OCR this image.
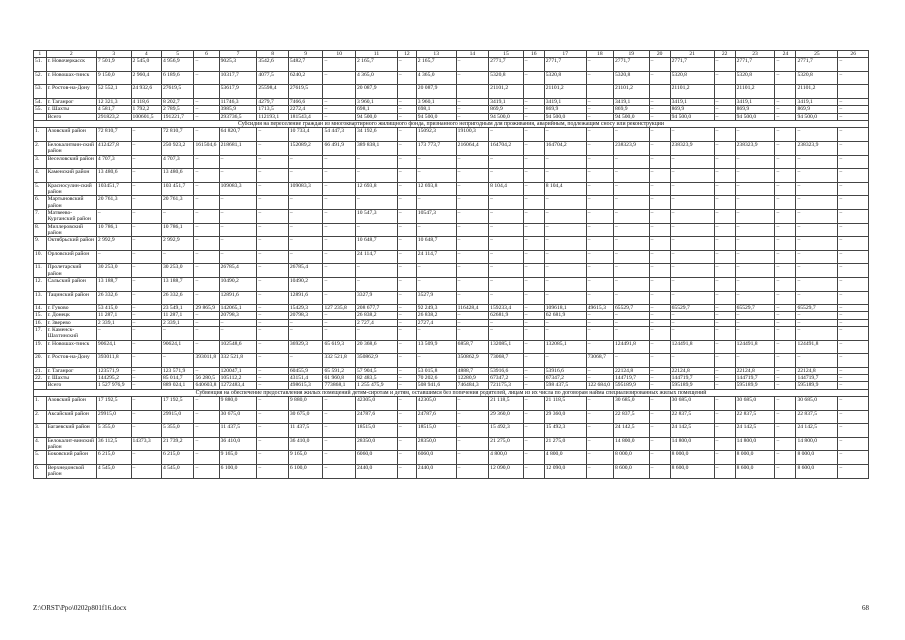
1	2	3	4	5	6	7	8	9	10	11	12	13	14	15	16	17	18	19	20	21	22	23	24	25	26
51.	г. Новочеркасск	7 501,9	2 545,0	4 956,9	–	9025,3	3542,6	5482,7	–	2 165,7	–	2 165,7	–	2771,7	–	2771,7	–	2771,7	–	2771,7	–	2771,7	–	2771,7	–
52.	г. Новошах-тинск	9 150,0	2 960,4	6 189,6	–	10317,7	4077,5	6240,2	–	4 365,0	–	4 365,0	–	5320,8	–	5320,8	–	5320,8	–	5320,8	–	5320,8	–	5320,8	–
53.	г. Ростов-на-Дону	52 552,1	24 932,6	27619,5		53617,9	25598,4	27619,5		20 087,9		20 087,9		21101,2		21101,2		21101,2		21101,2		21101,2		21101,2	
54.	г. Таганрог	12 321,3	4 118,6	8 202,7	–	11746,3	4279,7	7466,6	–	3 960,1	–	3 960,1	–	3419,1	–	3419,1	–	3419,1	–	3419,1	–	3419,1	–	3419,1	–
55.	г. Шахты	4 581,7	1 792,2	2 789,5	–	3985,9	1713,5	2272,4	–	698,1	–	698,1	–	869,9	–	869,9	–	869,9	–	869,9	–	869,9	–	869,9	–
	Всего	291823,2	100601,5	191221,7	–	293736,5	112193,1	181543,4	–	94 500,0	–	94 500,0	–	94 500,0	–	94 500,0	–	94 500,0	–	94 500,0	–	94 500,0	–	94 500,0	–
Субсидия на переселение граждан из многоквартирного жилищного фонда, признанного непригодным для проживания, аварийным, подлежащим сносу или реконструкции																									
1.	Азовский район	72 810,7	–	72 810,7	–	64 820,7	–	10 733,4	54 447,3	34 192,6	–	15092,3	19100,3	–	–	–	–	–	–	–	–	–	–	–	–
2.	Белокалитвин-ский район	412427,8	–	250 923,2	161504,6	218681,1	–	152089,2	66 491,9	389 838,1	–	173 773,7	216064,4	164704,2	–	164704,2	–	238323,9	–	238323,9	–	238323,9	–	238323,9	–
3.	Веселовский район	4 707,3	–	4 707,3	–	–	–	–	–	–	–	–	–	–	–	–	–	–	–	–	–	–	–	–	–
4.	Каменский район	13 480,6	–	13 480,6	–	–	–	–	–	–	–	–	–	–	–	–	–	–	–	–	–	–	–	–	–
5.	Красносулин-ский район	103451,7	–	103 451,7	–	109083,3	–	109083,3	–	12 693,8	–	12 693,8	–	8 104,4	–	8 104,4	–	–	–	–	–	–	–	–	–
6.	Мартыновский район	20 761,3	–	20 761,3	–	–	–	–	–	–	–	–	–	–	–	–	–	–	–	–	–	–	–	–	–
7.	Матвеево-Курганский район	–	–	–	–	–	–	–	–	10 547,3	–	10547,3	–	–	–	–	–	–	–	–	–	–	–	–	–
8.	Миллеровский район	10 786,1	–	10 786,1	–	–	–	–	–	–	–	–	–	–	–	–	–	–	–	–	–	–	–	–	–
9.	Октябрьский район	2 992,9	–	2 992,9	–	–	–	–	–	10 648,7	–	10 648,7	–	–	–	–	–	–	–	–	–	–	–	–	–
10.	Орловский район	–	–	–	–	–	–	–	–	24 114,7	–	24 114,7	–	–	–	–	–	–	–	–	–	–	–	–	–
11.	Пролетарский район	30 253,0	–	30 253,0	–	26785,4	–	26785,4	–	–	–	–	–	–	–	–	–	–	–	–	–	–	–	–	–
12.	Сальский район	13 188,7	–	13 188,7	–	10490,2	–	10490,2	–	–	–	–	–	–	–	–	–	–	–	–	–	–	–	–	–
13.	Тацинский район	26 332,6	–	26 332,6	–	12891,6	–	12891,6	–	3327,9	–	3527,9	–	–	–	–	–	–	–	–	–	–	–	–	–
14.	г. Гуково	53 415,0	–	23 549,1	29 865,9	142065,1	–	15429,3	127 235,8	208 677,7	–	92 249,3	116428,4	159233,4	–	109618,1	49615,3	65529,7	–	65529,7	–	65529,7	–	65529,7	–
15.	г. Донецк	11 287,1	–	11 287,1	–	20798,3	–	20798,3	–	26 838,2	–	26 838,2	–	62681,9	–	62 681,9	–	–	–	–	–	–	–	–	–
16.	г. Зверево	2 339,1	–	2 339,1	–	–	–	–	–	2 727,4	–	2727,4	–	–	–	–	–	–	–	–	–	–	–	–	–
17.	г. Каменск-Шахтинский	–	–	–	–	–	–	–	–	–	–	–	–	–	–	–	–	–	–	–	–	–	–	–	–
19.	г. Новошах-тинск	90624,1	–	90624,1	–	102548,6	–	36929,3	65 619,3	20 368,6	–	13 509,9	6858,7	132085,1	–	132085,1	–	124491,8	–	124491,8	–	124491,8	–	124491,8	–
20.	г. Ростов-на-Дону	393011,8	–	–	393011,8	332 521,8	–	–	332 521,8	350862,9	–	–	350862,9	73068,7	–	–	73068,7	–	–	–	–	–	–	–	–
21.	г. Таганрог	123571,9	–	123 571,9	–	120047,1	–	60455,9	65 591,2	57 904,5	–	53 015,8	4888,7	53916,6	–	53916,6	–	22124,8	–	22124,8	–	22124,8	–	22124,8	–
22.	г. Шахты	144295,2	–	85 014,7	56 280,5	105112,2	–	43151,4	61 960,8	82 483,5	–	70 202,6	12280,9	67347,2	–	67347,2	–	144719,7	–	144719,7	–	144719,7	–	144719,7	–
	Всего	1 527 976,9	–	889 024,1	640603,8	1272483,4	–	498615,3	773868,1	1 255 475,9	–	508 941,6	746484,3	721175,3	–	598 437,5	122 684,0	595189,9	–	595189,9	–	595189,9	–	595189,9	–
Субвенция на обеспечение предоставления жилых помещений детям-сиротам и детям, оставшимся без попечения родителей, лицам из их числа по договорам найма специализированных жилых помещений																									
1.	Азовский район	17 192,5	–	17 192,5	–	9 880,0	–	9 880,0	–	42305,0	–	42305,0	–	21 118,5	–	21 118,5	–	30 685,0	–	30 685,0	–	30 685,0	–	30 685,0	–
2.	Аксайский район	29915,0	–	29915,0	–	30 675,0	–	30 675,0	–	24787,6	–	24787,6	–	29 360,0	–	29 360,0	–	22 837,5	–	22 837,5	–	22 837,5	–	22 837,5	–
3.	Багаевский район	5 355,0	–	5 355,0	–	11 437,5	–	11 437,5	–	18515,0	–	18515,0	–	15 492,3	–	15 492,3	–	24 142,5	–	24 142,5	–	24 142,5	–	24 142,5	–
4.	Белокалит-винский район	36 112,5	14373,3	21 739,2	–	36 410,0	–	36 410,0	–	28350,0	–	28350,0	–	21 275,0	–	21 275,0	–	14 800,0	–	14 800,0	–	14 800,0	–	14 800,0	–
5.	Боковский район	6 215,0	–	6 215,0	–	9 165,0	–	9 165,0	–	6060,0	–	6060,0	–	4 800,0	–	4 800,0	–	8 000,0	–	8 000,0	–	8 000,0	–	8 000,0	–
6.	Верхнедонской район	4 545,0	–	4 545,0	–	6 100,0	–	6 100,0	–	2440,0	–	2440,0	–	12 090,0	–	12 090,0	–	8 600,0	–	8 600,0	–	8 600,0	–	8 600,0	–
Z:\ORST\Ppo\0202p801f16.docx	68
